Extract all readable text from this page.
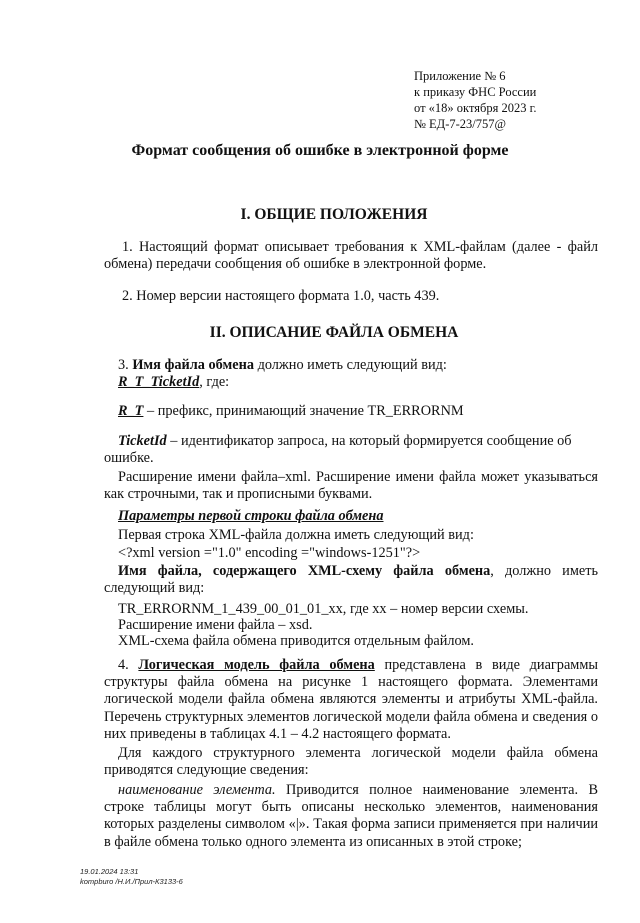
Приложение № 6
к приказу ФНС России
от «18» октября 2023 г.
№ ЕД-7-23/757@
Формат сообщения об ошибке в электронной форме
I. ОБЩИЕ ПОЛОЖЕНИЯ
1. Настоящий формат описывает требования к XML-файлам (далее - файл обмена) передачи сообщения об ошибке в электронной форме.
2. Номер версии настоящего формата 1.0, часть 439.
II. ОПИСАНИЕ ФАЙЛА ОБМЕНА
3. Имя файла обмена должно иметь следующий вид:
R_T_TicketId, где:
R_T – префикс, принимающий значение TR_ERRORNM
TicketId – идентификатор запроса, на который формируется сообщение об ошибке.
Расширение имени файла–xml. Расширение имени файла может указываться как строчными, так и прописными буквами.
Параметры первой строки файла обмена
Первая строка XML-файла должна иметь следующий вид:
<?xml version ="1.0" encoding ="windows-1251"?>
Имя файла, содержащего XML-схему файла обмена, должно иметь следующий вид:
TR_ERRORNM_1_439_00_01_01_xx, где xx – номер версии схемы.
Расширение имени файла – xsd.
XML-схема файла обмена приводится отдельным файлом.
4. Логическая модель файла обмена представлена в виде диаграммы структуры файла обмена на рисунке 1 настоящего формата. Элементами логической модели файла обмена являются элементы и атрибуты XML-файла. Перечень структурных элементов логической модели файла обмена и сведения о них приведены в таблицах 4.1 – 4.2 настоящего формата.
Для каждого структурного элемента логической модели файла обмена приводятся следующие сведения:
наименование элемента. Приводится полное наименование элемента. В строке таблицы могут быть описаны несколько элементов, наименования которых разделены символом «|». Такая форма записи применяется при наличии в файле обмена только одного элемента из описанных в этой строке;
19.01.2024 13:31
kompburo /Н.И./Прил-К3133-6
